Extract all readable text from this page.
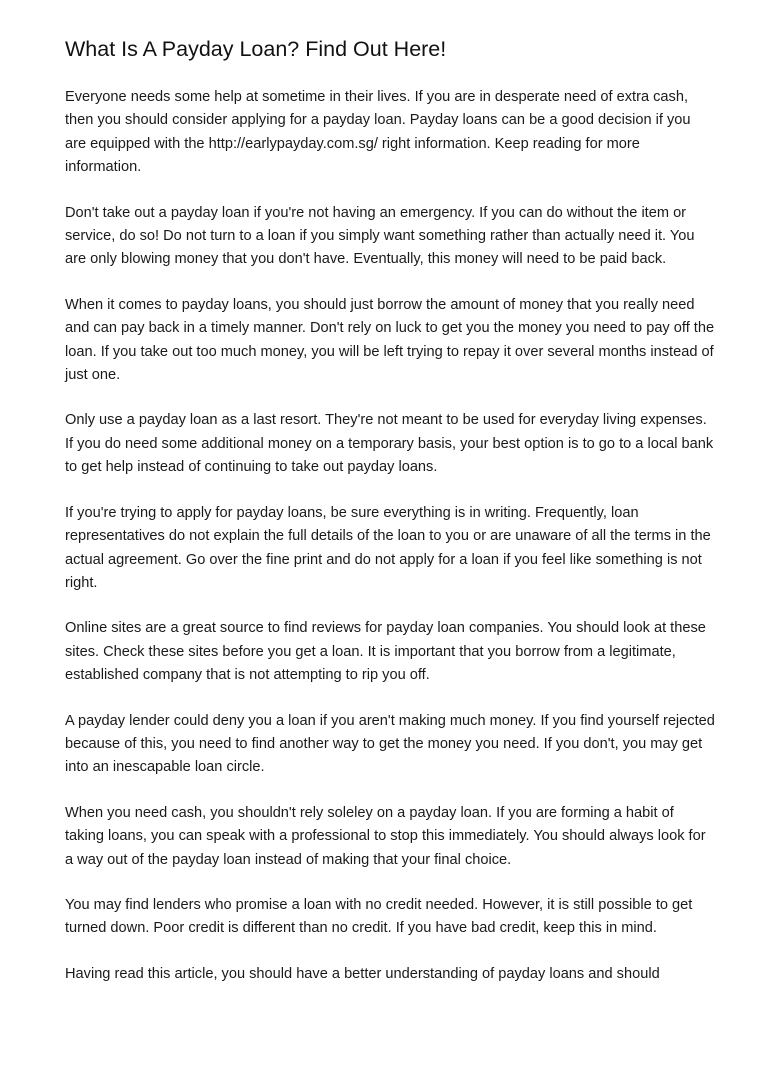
What Is A Payday Loan? Find Out Here!

Everyone needs some help at sometime in their lives. If you are in desperate need of extra cash, then you should consider applying for a payday loan. Payday loans can be a good decision if you are equipped with the http://earlypayday.com.sg/ right information. Keep reading for more information.

Don't take out a payday loan if you're not having an emergency. If you can do without the item or service, do so! Do not turn to a loan if you simply want something rather than actually need it. You are only blowing money that you don't have. Eventually, this money will need to be paid back.

When it comes to payday loans, you should just borrow the amount of money that you really need and can pay back in a timely manner. Don't rely on luck to get you the money you need to pay off the loan. If you take out too much money, you will be left trying to repay it over several months instead of just one.

Only use a payday loan as a last resort. They're not meant to be used for everyday living expenses. If you do need some additional money on a temporary basis, your best option is to go to a local bank to get help instead of continuing to take out payday loans.

If you're trying to apply for payday loans, be sure everything is in writing. Frequently, loan representatives do not explain the full details of the loan to you or are unaware of all the terms in the actual agreement. Go over the fine print and do not apply for a loan if you feel like something is not right.

Online sites are a great source to find reviews for payday loan companies. You should look at these sites. Check these sites before you get a loan. It is important that you borrow from a legitimate, established company that is not attempting to rip you off.

A payday lender could deny you a loan if you aren't making much money. If you find yourself rejected because of this, you need to find another way to get the money you need. If you don't, you may get into an inescapable loan circle.

When you need cash, you shouldn't rely soleley on a payday loan. If you are forming a habit of taking loans, you can speak with a professional to stop this immediately. You should always look for a way out of the payday loan instead of making that your final choice.

You may find lenders who promise a loan with no credit needed. However, it is still possible to get turned down. Poor credit is different than no credit. If you have bad credit, keep this in mind.

Having read this article, you should have a better understanding of payday loans and should
